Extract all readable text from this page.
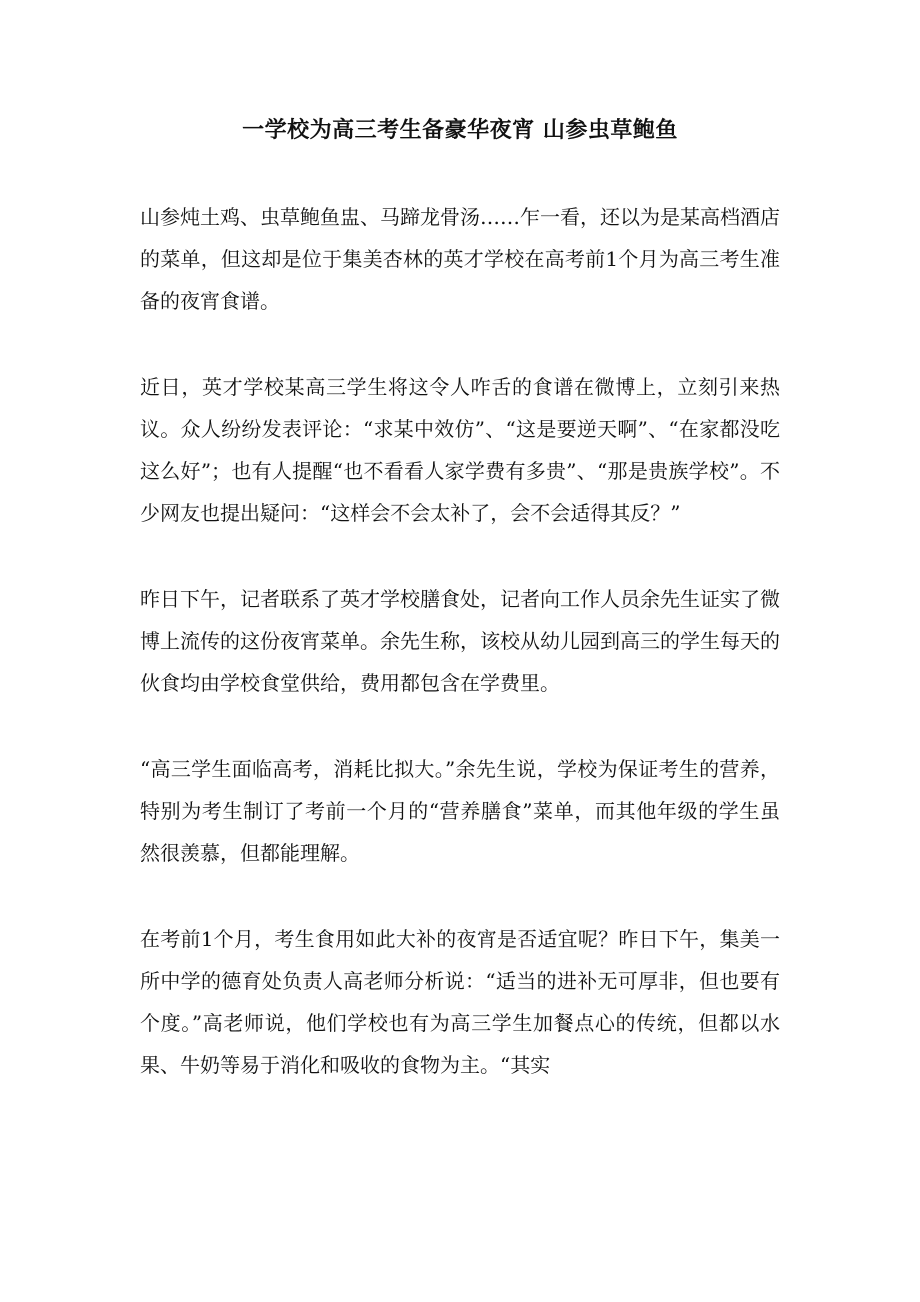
一学校为高三考生备豪华夜宵 山参虫草鲍鱼

山参炖土鸡、虫草鲍鱼盅、马蹄龙骨汤……乍一看，还以为是某高档酒店的菜单，但这却是位于集美杏林的英才学校在高考前1个月为高三考生准备的夜宵食谱。

近日，英才学校某高三学生将这令人咋舌的食谱在微博上，立刻引来热议。众人纷纷发表评论：“求某中效仿”、“这是要逆天啊”、“在家都没吃这么好”；也有人提醒“也不看看人家学费有多贵”、“那是贵族学校”。不少网友也提出疑问：“这样会不会太补了，会不会适得其反？”

昨日下午，记者联系了英才学校膳食处，记者向工作人员余先生证实了微博上流传的这份夜宵菜单。余先生称，该校从幼儿园到高三的学生每天的伙食均由学校食堂供给，费用都包含在学费里。

“高三学生面临高考，消耗比拟大。”余先生说，学校为保证考生的营养，特别为考生制订了考前一个月的“营养膳食”菜单，而其他年级的学生虽然很羡慕，但都能理解。

在考前1个月，考生食用如此大补的夜宵是否适宜呢？昨日下午，集美一所中学的德育处负责人高老师分析说：“适当的进补无可厚非，但也要有个度。”高老师说，他们学校也有为高三学生加餐点心的传统，但都以水果、牛奶等易于消化和吸收的食物为主。“其实
